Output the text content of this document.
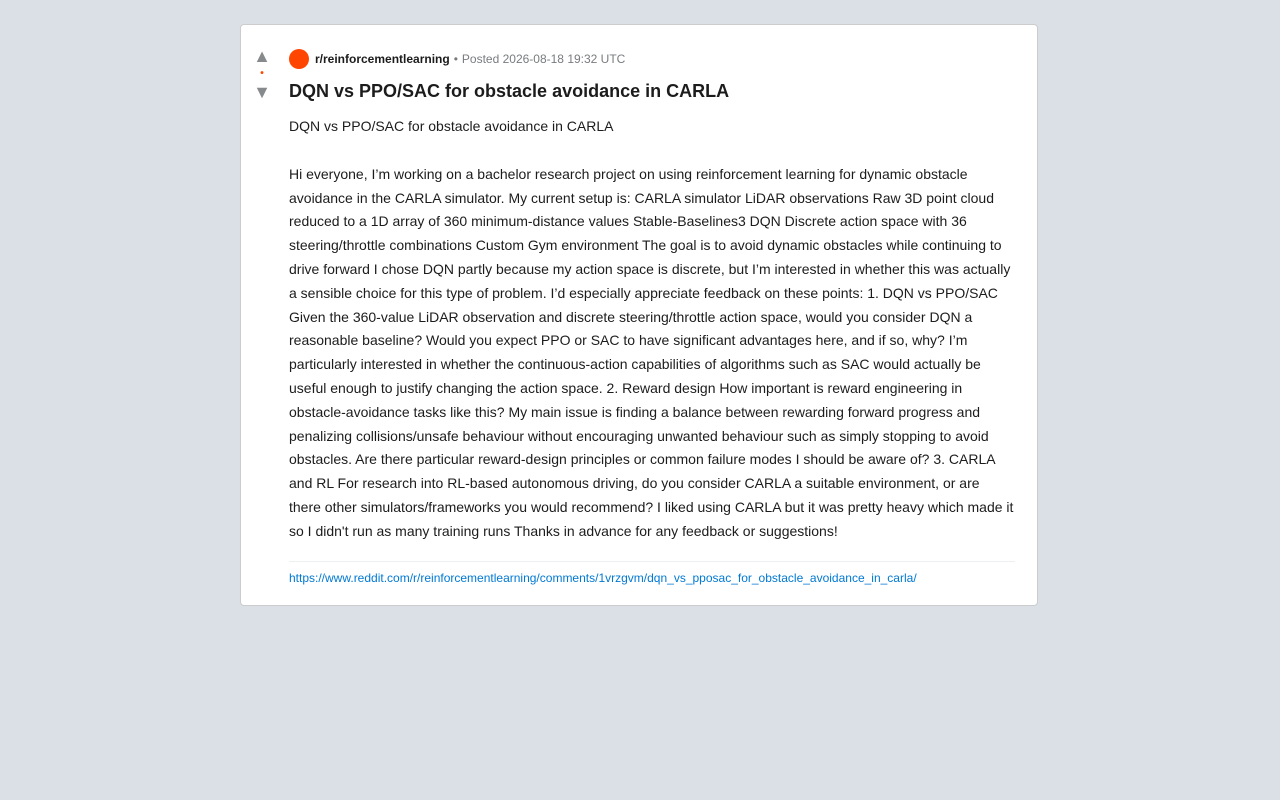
▲
•
▼
r/reinforcementlearning • Posted 2026-08-18 19:32 UTC
DQN vs PPO/SAC for obstacle avoidance in CARLA

DQN vs PPO/SAC for obstacle avoidance in CARLA

Hi everyone, I’m working on a bachelor research project on using reinforcement learning for dynamic obstacle avoidance in the CARLA simulator. My current setup is: CARLA simulator LiDAR observations Raw 3D point cloud reduced to a 1D array of 360 minimum-distance values Stable-Baselines3 DQN Discrete action space with 36 steering/throttle combinations Custom Gym environment The goal is to avoid dynamic obstacles while continuing to drive forward I chose DQN partly because my action space is discrete, but I’m interested in whether this was actually a sensible choice for this type of problem. I’d especially appreciate feedback on these points: 1. DQN vs PPO/SAC Given the 360-value LiDAR observation and discrete steering/throttle action space, would you consider DQN a reasonable baseline? Would you expect PPO or SAC to have significant advantages here, and if so, why? I’m particularly interested in whether the continuous-action capabilities of algorithms such as SAC would actually be useful enough to justify changing the action space. 2. Reward design How important is reward engineering in obstacle-avoidance tasks like this? My main issue is finding a balance between rewarding forward progress and penalizing collisions/unsafe behaviour without encouraging unwanted behaviour such as simply stopping to avoid obstacles. Are there particular reward-design principles or common failure modes I should be aware of? 3. CARLA and RL For research into RL-based autonomous driving, do you consider CARLA a suitable environment, or are there other simulators/frameworks you would recommend? I liked using CARLA but it was pretty heavy which made it so I didn't run as many training runs Thanks in advance for any feedback or suggestions!

https://www.reddit.com/r/reinforcementlearning/comments/1vrzgvm/dqn_vs_pposac_for_obstacle_avoidance_in_carla/
